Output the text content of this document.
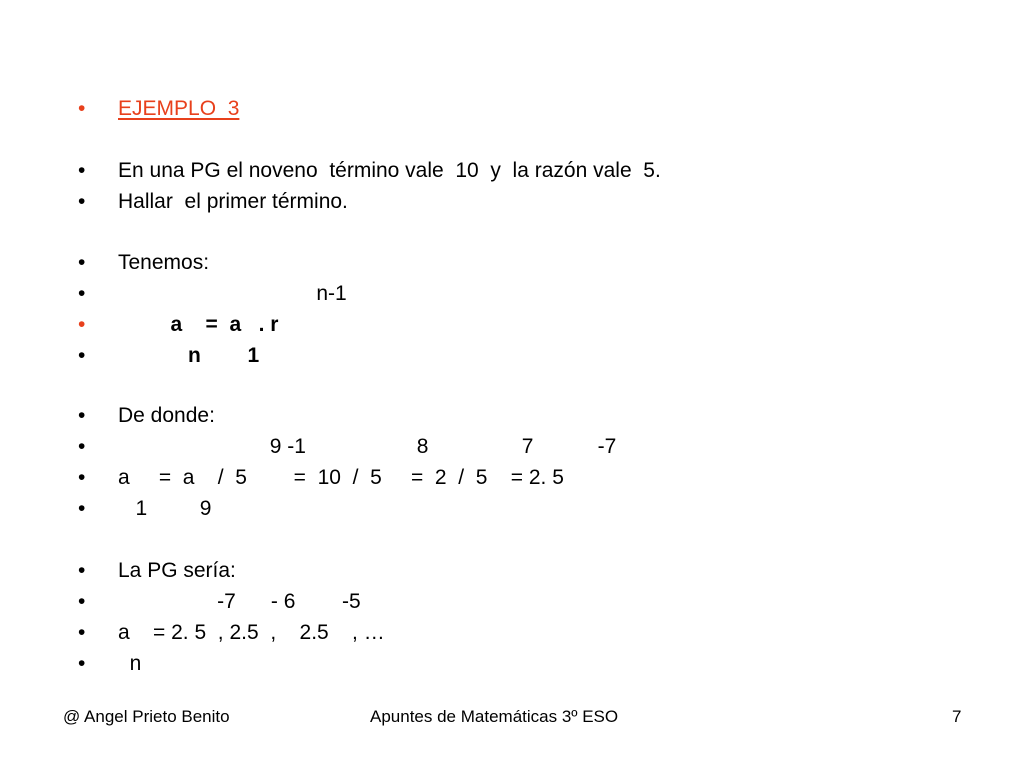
•

EJEMPLO  3

•

En una PG el noveno  término vale  10  y  la razón vale  5.

•

Hallar  el primer término.

•

Tenemos:

•

n-1

•

a    =  a   . r

•

n        1

•

De donde:

•

9 -1                   8                7           -7

•

a     =  a    /  5        =  10  /  5     =  2  /  5    = 2. 5

•

1         9

•

La PG sería:

•

-7      - 6        -5

•

a    = 2. 5  , 2.5  ,    2.5    , …

•

n

@ Angel Prieto Benito	Apuntes de Matemáticas 3º ESO	7
